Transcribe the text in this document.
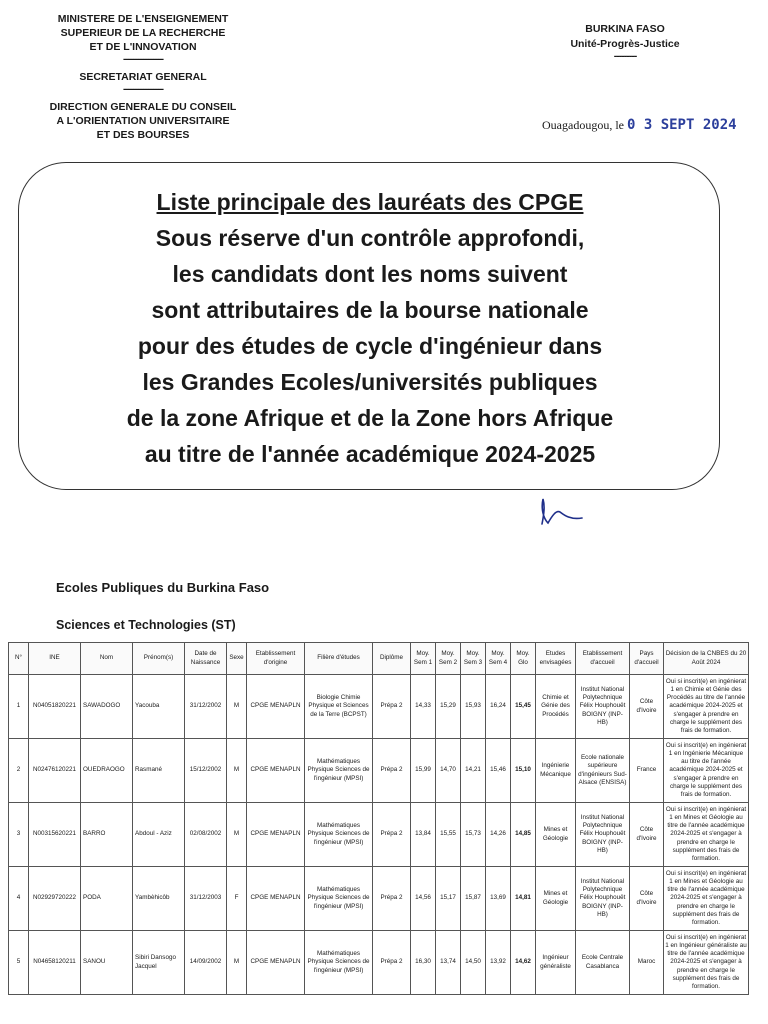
MINISTERE DE L'ENSEIGNEMENT
SUPERIEUR DE LA RECHERCHE
ET DE L'INNOVATION
----------------
SECRETARIAT GENERAL
----------------
DIRECTION GENERALE DU CONSEIL
A L'ORIENTATION UNIVERSITAIRE
ET DES BOURSES
BURKINA FASO
Unité-Progrès-Justice
---------
Ouagadougou, le 0 3 SEPT 2024
Liste principale des lauréats des CPGE
Sous réserve d'un contrôle approfondi,
les candidats dont les noms suivent
sont attributaires de la bourse nationale
pour des études de cycle d'ingénieur dans
les Grandes Ecoles/universités publiques
de la zone Afrique et de la Zone hors Afrique
au titre de l'année académique 2024-2025
Ecoles Publiques du Burkina Faso
Sciences et Technologies (ST)
N°	INE	Nom	Prénom(s)	Date de Naissance	Sexe	Etablissement d'origine	Filière d'études	Diplôme	Moy. Sem 1	Moy. Sem 2	Moy. Sem 3	Moy. Sem 4	Moy. Glo	Etudes envisagées	Etablissement d'accueil	Pays d'accueil	Décision de la CNBES du 20 Août 2024
1	N04051820221	SAWADOGO	Yacouba	31/12/2002	M	CPGE MENAPLN	Biologie Chimie Physique et Sciences de la Terre (BCPST)	Prépa 2	14,33	15,29	15,93	16,24	15,45	Chimie et Génie des Procédés	Institut National Polytechnique Félix Houphouët BOIGNY (INP-HB)	Côte d'Ivoire	Oui si inscrit(e) en ingénierat 1 en Chimie et Génie des Procédés au titre de l'année académique 2024-2025 et s'engager à prendre en charge le supplément des frais de formation.
2	N02476120221	OUEDRAOGO	Rasmané	15/12/2002	M	CPGE MENAPLN	Mathématiques Physique Sciences de l'ingénieur (MPSI)	Prépa 2	15,99	14,70	14,21	15,46	15,10	Ingénierie Mécanique	Ecole nationale supérieure d'ingénieurs Sud-Alsace (ENSISA)	France	Oui si inscrit(e) en ingénierat 1 en Ingénierie Mécanique au titre de l'année académique 2024-2025 et s'engager à prendre en charge le supplément des frais de formation.
3	N00315620221	BARRO	Abdoul - Aziz	02/08/2002	M	CPGE MENAPLN	Mathématiques Physique Sciences de l'ingénieur (MPSI)	Prépa 2	13,84	15,55	15,73	14,26	14,85	Mines et Géologie	Institut National Polytechnique Félix Houphouët BOIGNY (INP-HB)	Côte d'Ivoire	Oui si inscrit(e) en ingénierat 1 en Mines et Géologie au titre de l'année académique 2024-2025 et s'engager à prendre en charge le supplément des frais de formation.
4	N02929720222	PODA	Yambèhicôb	31/12/2003	F	CPGE MENAPLN	Mathématiques Physique Sciences de l'ingénieur (MPSI)	Prépa 2	14,56	15,17	15,87	13,69	14,81	Mines et Géologie	Institut National Polytechnique Félix Houphouët BOIGNY (INP-HB)	Côte d'Ivoire	Oui si inscrit(e) en ingénierat 1 en Mines et Géologie au titre de l'année académique 2024-2025 et s'engager à prendre en charge le supplément des frais de formation.
5	N04658120211	SANOU	Sibiri Dansogo Jacquel	14/09/2002	M	CPGE MENAPLN	Mathématiques Physique Sciences de l'ingénieur (MPSI)	Prépa 2	16,30	13,74	14,50	13,92	14,62	Ingénieur généraliste	Ecole Centrale Casablanca	Maroc	Oui si inscrit(e) en ingénierat 1 en Ingénieur généraliste au titre de l'année académique 2024-2025 et s'engager à prendre en charge le supplément des frais de formation.
